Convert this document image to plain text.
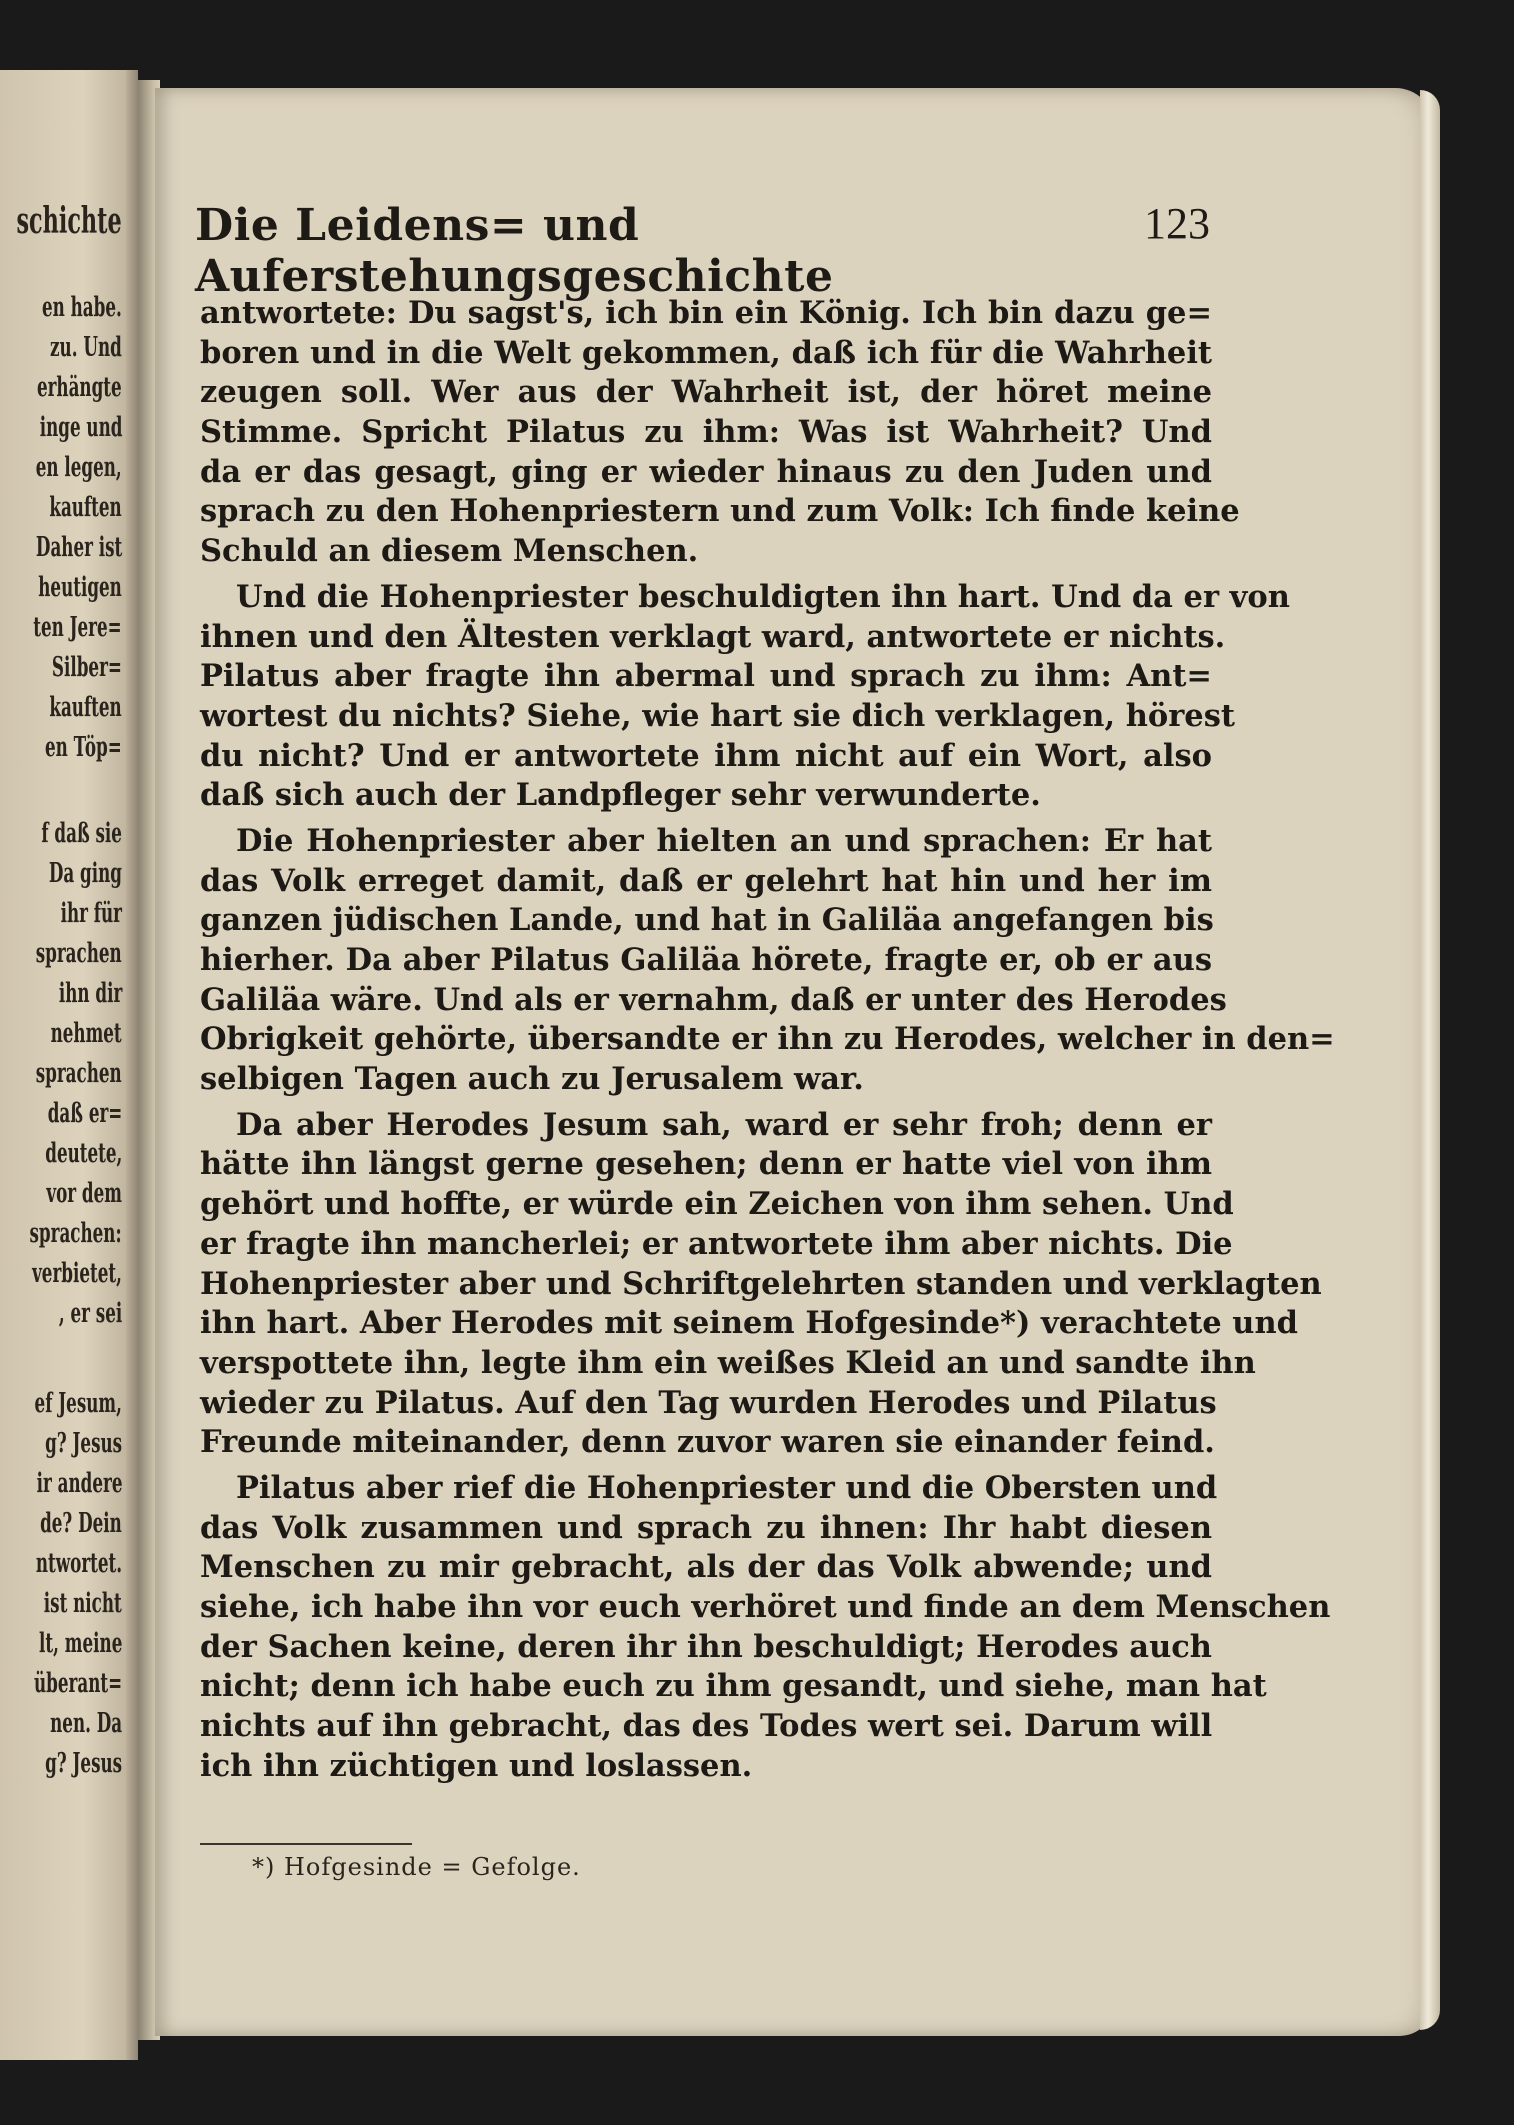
schichte
en habe.
zu. Und
erhängte
inge und
en legen,
kauften
Daher ist
heutigen
ten Jere=
Silber=
kauften
en Töp=
f daß sie
Da ging
ihr für
sprachen
ihn dir
nehmet
sprachen
daß er=
deutete,
vor dem
sprachen:
verbietet,
, er sei
ef Jesum,
g? Jesus
ir andere
de? Dein
ntwortet.
ist nicht
lt, meine
überant=
nen. Da
g? Jesus
Die Leidens= und Auferstehungsgeschichte
123
antwortete: Du sagst's, ich bin ein König. Ich bin dazu ge=
boren und in die Welt gekommen, daß ich für die Wahrheit
zeugen soll. Wer aus der Wahrheit ist, der höret meine
Stimme. Spricht Pilatus zu ihm: Was ist Wahrheit? Und
da er das gesagt, ging er wieder hinaus zu den Juden und
sprach zu den Hohenpriestern und zum Volk: Ich finde keine
Schuld an diesem Menschen.
Und die Hohenpriester beschuldigten ihn hart. Und da er von
ihnen und den Ältesten verklagt ward, antwortete er nichts.
Pilatus aber fragte ihn abermal und sprach zu ihm: Ant=
wortest du nichts? Siehe, wie hart sie dich verklagen, hörest
du nicht? Und er antwortete ihm nicht auf ein Wort, also
daß sich auch der Landpfleger sehr verwunderte.
Die Hohenpriester aber hielten an und sprachen: Er hat
das Volk erreget damit, daß er gelehrt hat hin und her im
ganzen jüdischen Lande, und hat in Galiläa angefangen bis
hierher. Da aber Pilatus Galiläa hörete, fragte er, ob er aus
Galiläa wäre. Und als er vernahm, daß er unter des Herodes
Obrigkeit gehörte, übersandte er ihn zu Herodes, welcher in den=
selbigen Tagen auch zu Jerusalem war.
Da aber Herodes Jesum sah, ward er sehr froh; denn er
hätte ihn längst gerne gesehen; denn er hatte viel von ihm
gehört und hoffte, er würde ein Zeichen von ihm sehen. Und
er fragte ihn mancherlei; er antwortete ihm aber nichts. Die
Hohenpriester aber und Schriftgelehrten standen und verklagten
ihn hart. Aber Herodes mit seinem Hofgesinde*) verachtete und
verspottete ihn, legte ihm ein weißes Kleid an und sandte ihn
wieder zu Pilatus. Auf den Tag wurden Herodes und Pilatus
Freunde miteinander, denn zuvor waren sie einander feind.
Pilatus aber rief die Hohenpriester und die Obersten und
das Volk zusammen und sprach zu ihnen: Ihr habt diesen
Menschen zu mir gebracht, als der das Volk abwende; und
siehe, ich habe ihn vor euch verhöret und finde an dem Menschen
der Sachen keine, deren ihr ihn beschuldigt; Herodes auch
nicht; denn ich habe euch zu ihm gesandt, und siehe, man hat
nichts auf ihn gebracht, das des Todes wert sei. Darum will
ich ihn züchtigen und loslassen.
*) Hofgesinde = Gefolge.
